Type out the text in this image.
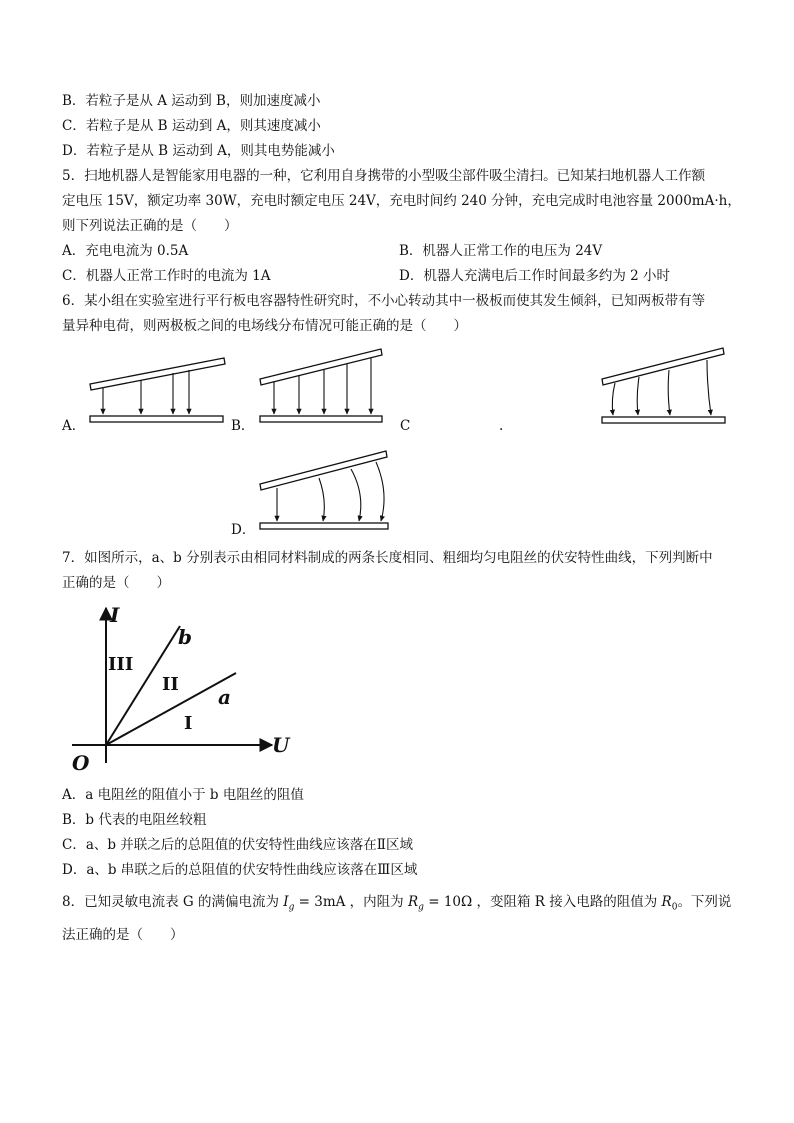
B．若粒子是从 A 运动到 B，则加速度减小
C．若粒子是从 B 运动到 A，则其速度减小
D．若粒子是从 B 运动到 A，则其电势能减小
5．扫地机器人是智能家用电器的一种，它利用自身携带的小型吸尘部件吸尘清扫。已知某扫地机器人工作额
定电压 15V，额定功率 30W，充电时额定电压 24V，充电时间约 240 分钟，充电完成时电池容量 2000mA·h，
则下列说法正确的是（　　）
A．充电电流为 0.5A	B．机器人正常工作的电压为 24V
C．机器人正常工作时的电流为 1A	D．机器人充满电后工作时间最多约为 2 小时
6．某小组在实验室进行平行板电容器特性研究时，不小心转动其中一极板而使其发生倾斜，已知两板带有等
量异种电荷，则两极板之间的电场线分布情况可能正确的是（　　）
A．	B．	C	.
D．
7．如图所示，a、b 分别表示由相同材料制成的两条长度相同、粗细均匀电阻丝的伏安特性曲线，下列判断中
正确的是（　　）
I
U
O
b
a
III
II
I
A．a 电阻丝的阻值小于 b 电阻丝的阻值
B．b 代表的电阻丝较粗
C．a、b 并联之后的总阻值的伏安特性曲线应该落在Ⅱ区域
D．a、b 串联之后的总阻值的伏安特性曲线应该落在Ⅲ区域
8．已知灵敏电流表 G 的满偏电流为 $I_g = 3mA$ ，内阻为 $R_g = 10\Omega$ ，变阻箱 R 接入电路的阻值为 $R_0$。下列说
法正确的是（　　）
